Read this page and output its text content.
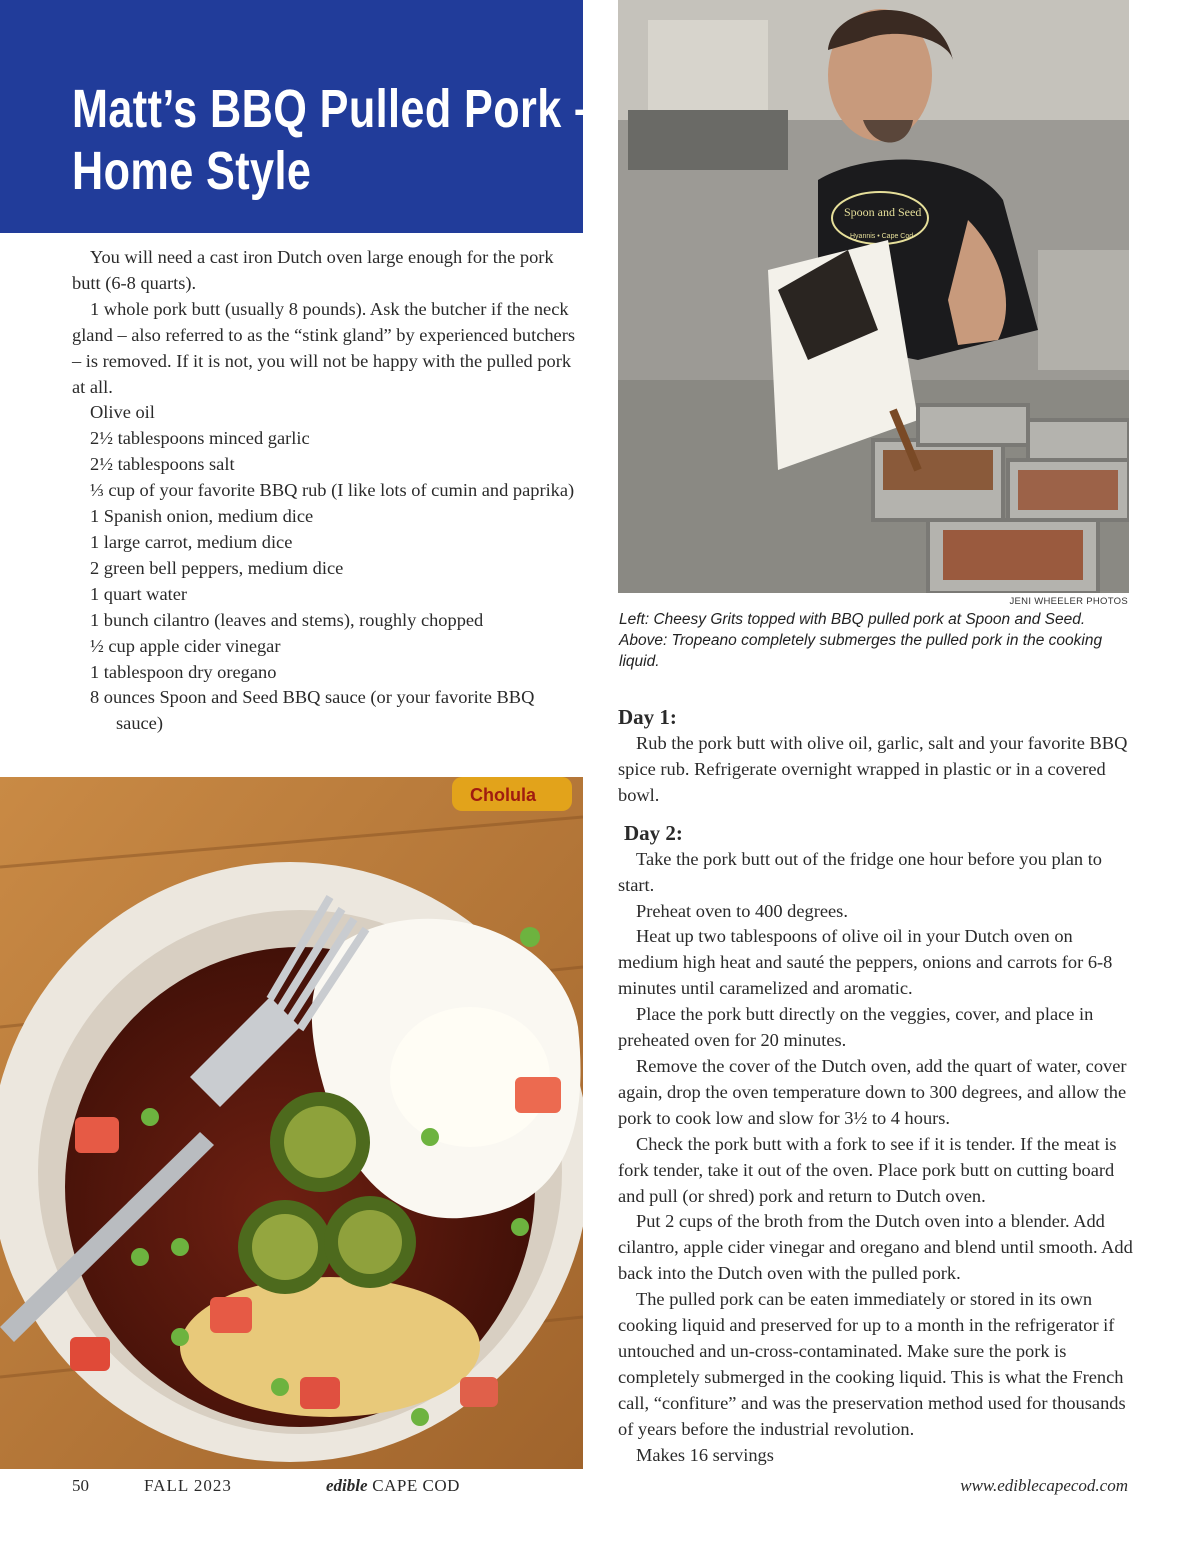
Matt’s BBQ Pulled Pork –
Home Style

You will need a cast iron Dutch oven large enough for the pork butt (6-8 quarts).

1 whole pork butt (usually 8 pounds). Ask the butcher if the neck gland – also referred to as the “stink gland” by experienced butchers – is removed. If it is not, you will not be happy with the pulled pork at all.

Olive oil

2½ tablespoons minced garlic

2½ tablespoons salt

⅓ cup of your favorite BBQ rub (I like lots of cumin and paprika)

1 Spanish onion, medium dice

1 large carrot, medium dice

2 green bell peppers, medium dice

1 quart water

1 bunch cilantro (leaves and stems), roughly chopped

½ cup apple cider vinegar

1 tablespoon dry oregano

8 ounces Spoon and Seed BBQ sauce (or your favorite BBQ sauce)

Cholula
Spoon and Seed
Hyannis • Cape Cod
JENI WHEELER PHOTOS
Left: Cheesy Grits topped with BBQ pulled pork at Spoon and Seed. Above: Tropeano completely submerges the pulled pork in the cooking liquid.
Day 1:

Rub the pork butt with olive oil, garlic, salt and your favorite BBQ spice rub. Refrigerate overnight wrapped in plastic or in a covered bowl.

Day 2:

Take the pork butt out of the fridge one hour before you plan to start.

Preheat oven to 400 degrees.

Heat up two tablespoons of olive oil in your Dutch oven on medium high heat and sauté the peppers, onions and carrots for 6-8 minutes until caramelized and aromatic.

Place the pork butt directly on the veggies, cover, and place in preheated oven for 20 minutes.

Remove the cover of the Dutch oven, add the quart of water, cover again, drop the oven temperature down to 300 degrees, and allow the pork to cook low and slow for 3½ to 4 hours.

Check the pork butt with a fork to see if it is tender. If the meat is fork tender, take it out of the oven. Place pork butt on cutting board and pull (or shred) pork and return to Dutch oven.

Put 2 cups of the broth from the Dutch oven into a blender. Add cilantro, apple cider vinegar and oregano and blend until smooth. Add back into the Dutch oven with the pulled pork.

The pulled pork can be eaten immediately or stored in its own cooking liquid and preserved for up to a month in the refrigerator if untouched and un-cross-contaminated. Make sure the pork is completely submerged in the cooking liquid. This is what the French call, “confiture” and was the preservation method used for thousands of years before the industrial revolution.

Makes 16 servings

50	FALL 2023	edible CAPE COD	www.ediblecapecod.com
